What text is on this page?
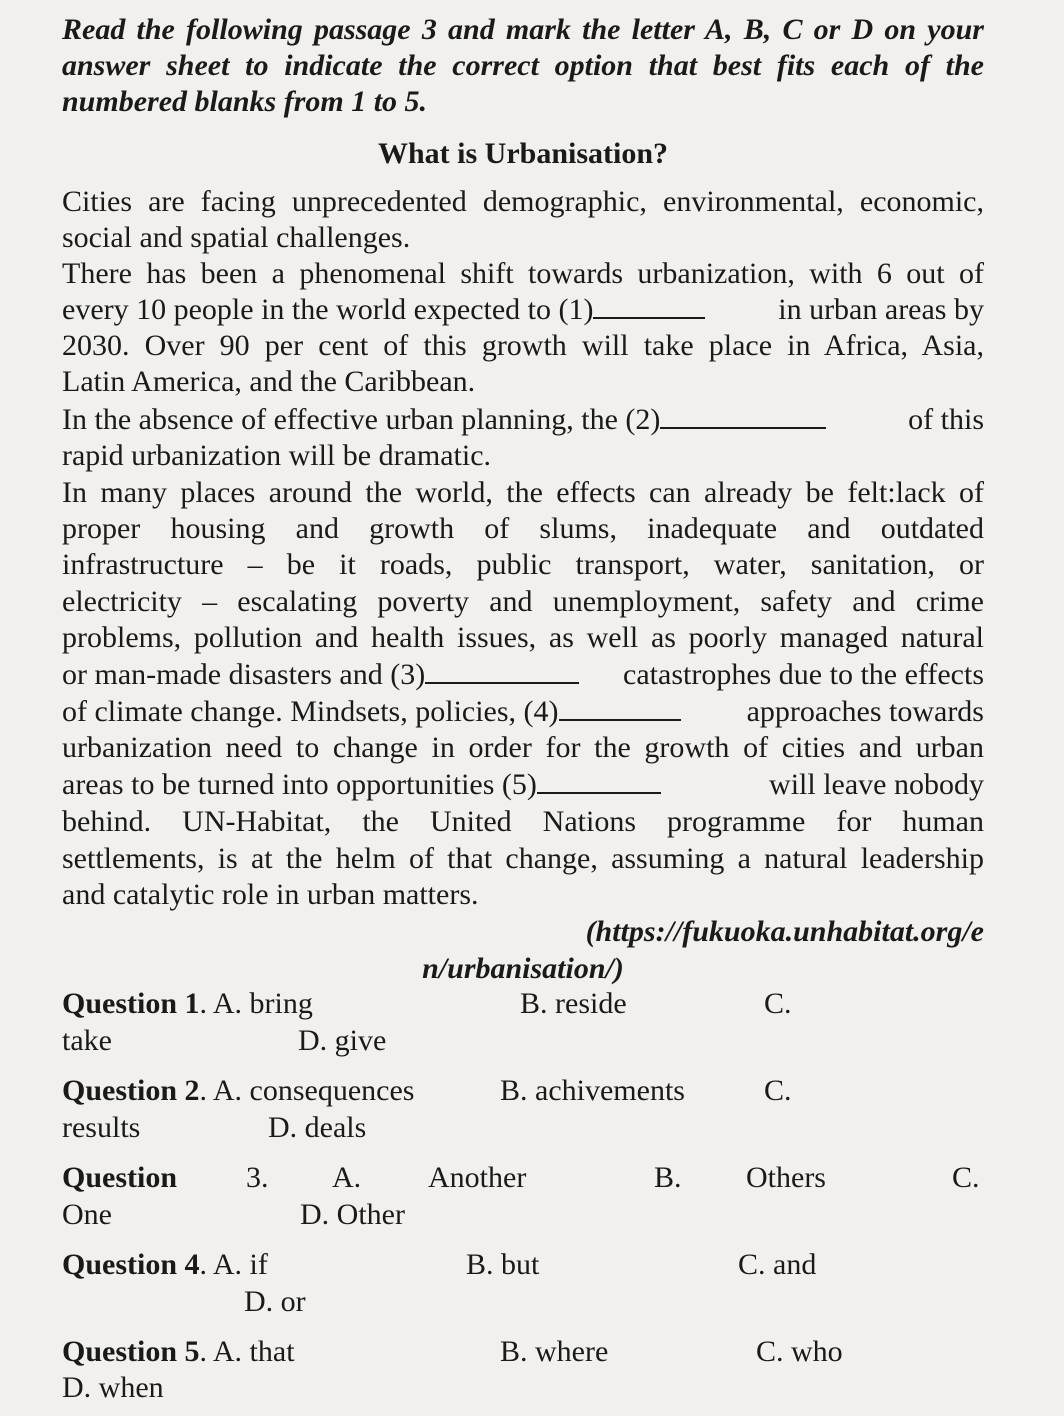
Read the following passage 3 and mark the letter A, B, C or D on your
answer sheet to indicate the correct option that best fits each of the
numbered blanks from 1 to 5.
What is Urbanisation?
Cities are facing unprecedented demographic, environmental, economic,
social and spatial challenges.
There has been a phenomenal shift towards urbanization, with 6 out of
every 10 people in the world expected to (1)	in urban areas by
2030. Over 90 per cent of this growth will take place in Africa, Asia,
Latin America, and the Caribbean.
In the absence of effective urban planning, the (2)	of this
rapid urbanization will be dramatic.
In many places around the world, the effects can already be felt:lack of
proper housing and growth of slums, inadequate and outdated
infrastructure – be it roads, public transport, water, sanitation, or
electricity – escalating poverty and unemployment, safety and crime
problems, pollution and health issues, as well as poorly managed natural
or man-made disasters and (3)	catastrophes due to the effects
of climate change. Mindsets, policies, (4)	approaches towards
urbanization need to change in order for the growth of cities and urban
areas to be turned into opportunities (5)	will leave nobody
behind. UN-Habitat, the United Nations programme for human
settlements, is at the helm of that change, assuming a natural leadership
and catalytic role in urban matters.
(https://fukuoka.unhabitat.org/e
n/urbanisation/)
Question 1. A. bring	B. reside	C.
take	D. give
Question 2. A. consequences	B. achivements	C.
results	D. deals
Question 3. A. Another	B. Others	C.
One	D. Other
Question 4. A. if	B. but	C. and
D. or
Question 5. A. that	B. where	C. who
D. when
